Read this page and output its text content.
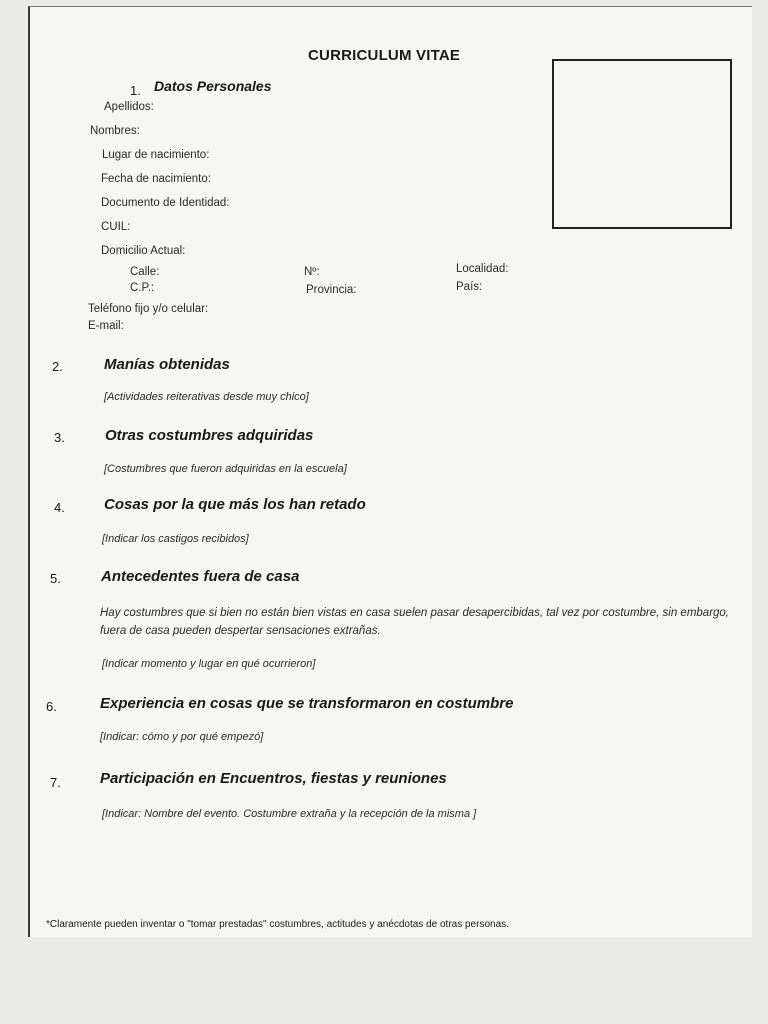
CURRICULUM VITAE
1. Datos Personales
Apellidos:
Nombres:
Lugar de nacimiento:
Fecha de nacimiento:
Documento de Identidad:
CUIL:
Domicilio Actual:
Calle:	Nº:	Localidad:
C.P.:	Provincia:	País:
Teléfono fijo y/o celular:
E-mail:
2.	Manías obtenidas
[Actividades reiterativas desde muy chico]
3.	Otras costumbres adquiridas
[Costumbres que fueron adquiridas en la escuela]
4.	Cosas por la que más los han retado
[Indicar los castigos recibidos]
5.	Antecedentes fuera de casa
Hay costumbres que si bien no están bien vistas en casa suelen pasar desapercibidas, tal vez por costumbre, sin embargo, fuera de casa pueden despertar sensaciones extrañas.
[Indicar momento y lugar en qué ocurrieron]
6.	Experiencia en cosas que se transformaron en costumbre
[Indicar: cómo y por qué empezó]
7.	Participación en Encuentros, fiestas y reuniones
[Indicar: Nombre del evento. Costumbre extraña y la recepción de la misma ]
*Claramente pueden inventar o "tomar prestadas" costumbres, actitudes y anécdotas de otras personas.
